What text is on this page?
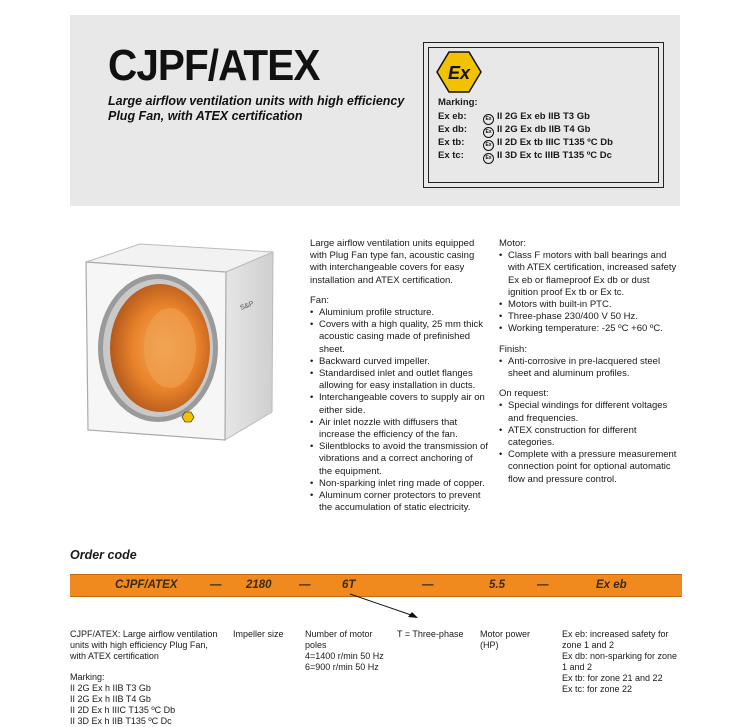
CJPF/ATEX
Large airflow ventilation units with high efficiency Plug Fan, with ATEX certification
Ex
Marking:
Ex eb:	Ex II 2G Ex eb IIB T3 Gb
Ex db:	Ex II 2G Ex db IIB T4 Gb
Ex tb:	Ex II 2D Ex tb IIIC T135 ºC Db
Ex tc:	Ex II 3D Ex tc IIIB T135 ºC Dc
S&P

Large airflow ventilation units equipped with Plug Fan type fan, acoustic casing with interchangeable covers for easy installation and ATEX certification.

Fan:

• Aluminium profile structure.
• Covers with a high quality, 25 mm thick acoustic casing made of prefinished sheet.
• Backward curved impeller.
• Standardised inlet and outlet flanges allowing for easy installation in ducts.
• Interchangeable covers to supply air on either side.
• Air inlet nozzle with diffusers that increase the efficiency of the fan.
• Silentblocks to avoid the transmission of vibrations and a correct anchoring of the equipment.
• Non-sparking inlet ring made of copper.
• Aluminum corner protectors to prevent the accumulation of static electricity.

Motor:

• Class F motors with ball bearings and with ATEX certification, increased safety Ex eb or flameproof Ex db or dust ignition proof Ex tb or Ex tc.
• Motors with built-in PTC.
• Three-phase 230/400 V 50 Hz.
• Working temperature: -25 ºC +60 ºC.

Finish:

• Anti-corrosive in pre-lacquered steel sheet and aluminum profiles.

On request:

• Special windings for different voltages and frequencies.
• ATEX construction for different categories.
• Complete with a pressure measurement connection point for optional automatic flow and pressure control.
Order code
CJPF/ATEX	— 2180 —	6T	—	5.5	—	Ex eb

CJPF/ATEX: Large airflow ventilation units with high efficiency Plug Fan, with ATEX certification

Marking:

II 2G Ex h IIB T3 Gb

II 2G Ex h IIB T4 Gb

II 2D Ex h IIIC T135 ºC Db

II 3D Ex h IIB T135 ºC Dc

Impeller size	Number of motor poles

4=1400 r/min 50 Hz

6=900 r/min 50 Hz

T = Three-phase	Motor power (HP)

Ex eb: increased safety for zone 1 and 2

Ex db: non-sparking for zone 1 and 2

Ex tb: for zone 21 and 22

Ex tc: for zone 22
